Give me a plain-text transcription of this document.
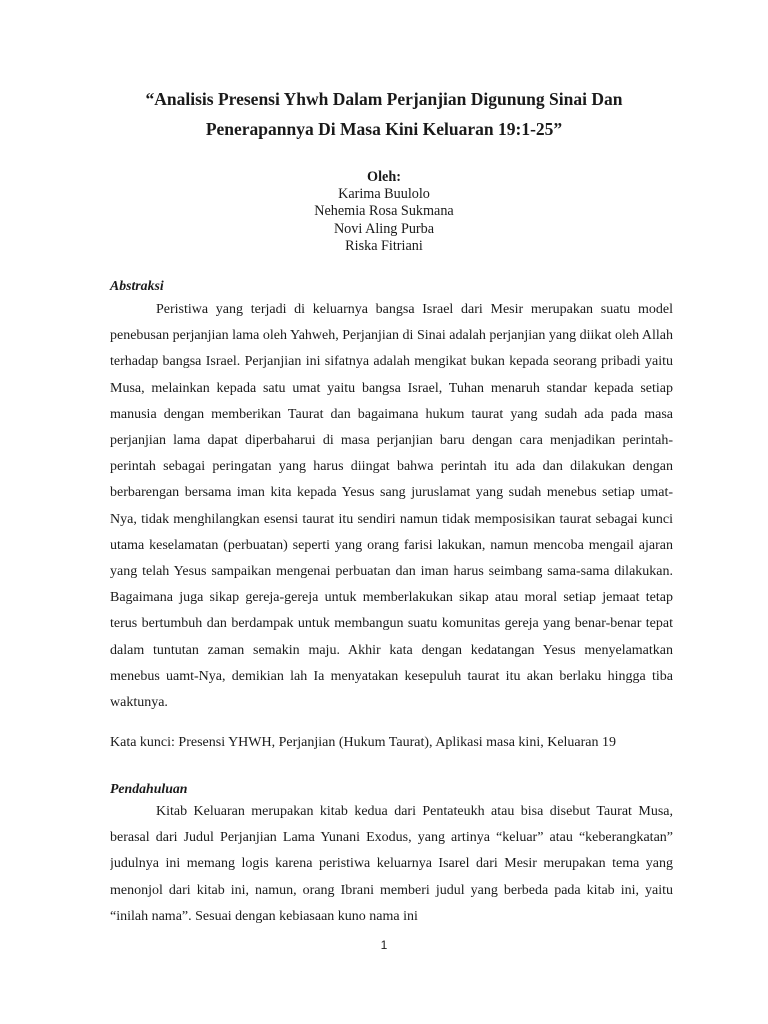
“Analisis Presensi Yhwh Dalam Perjanjian Digunung Sinai Dan
Penerapannya Di Masa Kini Keluaran 19:1-25”
Oleh:
Karima Buulolo
Nehemia Rosa Sukmana
Novi Aling Purba
Riska Fitriani
Abstraksi

Peristiwa yang terjadi di keluarnya bangsa Israel dari Mesir merupakan suatu model penebusan perjanjian lama oleh Yahweh, Perjanjian di Sinai adalah perjanjian yang diikat oleh Allah terhadap bangsa Israel. Perjanjian ini sifatnya adalah mengikat bukan kepada seorang pribadi yaitu Musa, melainkan kepada satu umat yaitu bangsa Israel, Tuhan menaruh standar kepada setiap manusia dengan memberikan Taurat dan bagaimana hukum taurat yang sudah ada pada masa perjanjian lama dapat diperbaharui di masa perjanjian baru dengan cara menjadikan perintah-perintah sebagai peringatan yang harus diingat bahwa perintah itu ada dan dilakukan dengan berbarengan bersama iman kita kepada Yesus sang juruslamat yang sudah menebus setiap umat-Nya, tidak menghilangkan esensi taurat itu sendiri namun tidak memposisikan taurat sebagai kunci utama keselamatan (perbuatan) seperti yang orang farisi lakukan, namun mencoba mengail ajaran yang telah Yesus sampaikan mengenai perbuatan dan iman harus seimbang sama-sama dilakukan. Bagaimana juga sikap gereja-gereja untuk memberlakukan sikap atau moral setiap jemaat tetap terus bertumbuh dan berdampak untuk membangun suatu komunitas gereja yang benar-benar tepat dalam tuntutan zaman semakin maju. Akhir kata dengan kedatangan Yesus menyelamatkan menebus uamt-Nya, demikian lah Ia menyatakan kesepuluh taurat itu akan berlaku hingga tiba waktunya.

Kata kunci: Presensi YHWH, Perjanjian (Hukum Taurat), Aplikasi masa kini, Keluaran 19

Pendahuluan

Kitab Keluaran merupakan kitab kedua dari Pentateukh atau bisa disebut Taurat Musa, berasal dari Judul Perjanjian Lama Yunani Exodus, yang artinya “keluar” atau “keberangkatan” judulnya ini memang logis karena peristiwa keluarnya Isarel dari Mesir merupakan tema yang menonjol dari kitab ini, namun, orang Ibrani memberi judul yang berbeda pada kitab ini, yaitu “inilah nama”. Sesuai dengan kebiasaan kuno nama ini

1
